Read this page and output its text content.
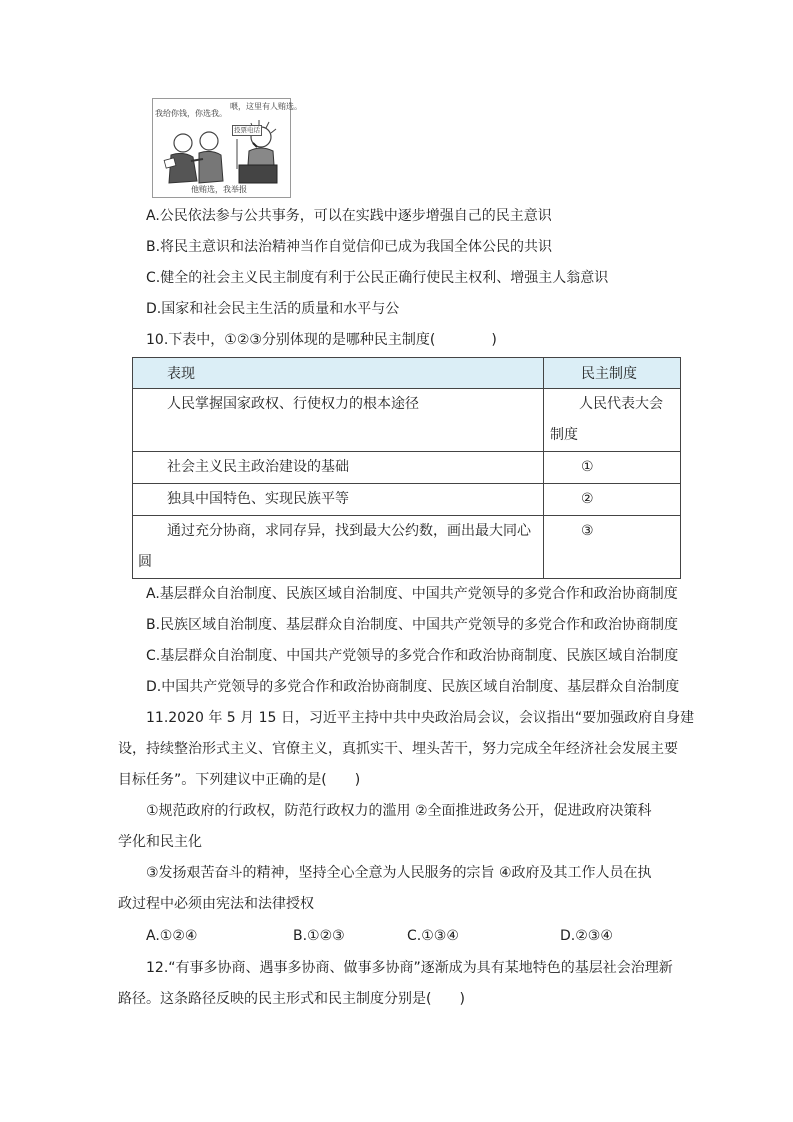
我给你钱，你选我。
喂，这里有人贿选。
投票电话
他贿选，我举报
A.公民依法参与公共事务，可以在实践中逐步增强自己的民主意识
B.将民主意识和法治精神当作自觉信仰已成为我国全体公民的共识
C.健全的社会主义民主制度有利于公民正确行使民主权利、增强主人翁意识
D.国家和社会民主生活的质量和水平与公
10.下表中，①②③分别体现的是哪种民主制度(　　　　)
表现	民主制度

人民掌握国家政权、行使权力的根本途径	人民代表大会
制度

社会主义民主政治建设的基础	①

独具中国特色、实现民族平等	②

通过充分协商，求同存异，找到最大公约数，画出最大同心
圆	③
A.基层群众自治制度、民族区域自治制度、中国共产党领导的多党合作和政治协商制度
B.民族区域自治制度、基层群众自治制度、中国共产党领导的多党合作和政治协商制度
C.基层群众自治制度、中国共产党领导的多党合作和政治协商制度、民族区域自治制度
D.中国共产党领导的多党合作和政治协商制度、民族区域自治制度、基层群众自治制度
11.2020 年 5 月 15 日，习近平主持中共中央政治局会议，会议指出“要加强政府自身建
设，持续整治形式主义、官僚主义，真抓实干、埋头苦干，努力完成全年经济社会发展主要
目标任务”。下列建议中正确的是(　　)
①规范政府的行政权，防范行政权力的滥用 ②全面推进政务公开，促进政府决策科
学化和民主化
③发扬艰苦奋斗的精神，坚持全心全意为人民服务的宗旨 ④政府及其工作人员在执
政过程中必须由宪法和法律授权
A.①②④	B.①②③	C.①③④	D.②③④
12.“有事多协商、遇事多协商、做事多协商”逐渐成为具有某地特色的基层社会治理新
路径。这条路径反映的民主形式和民主制度分别是(　　)
